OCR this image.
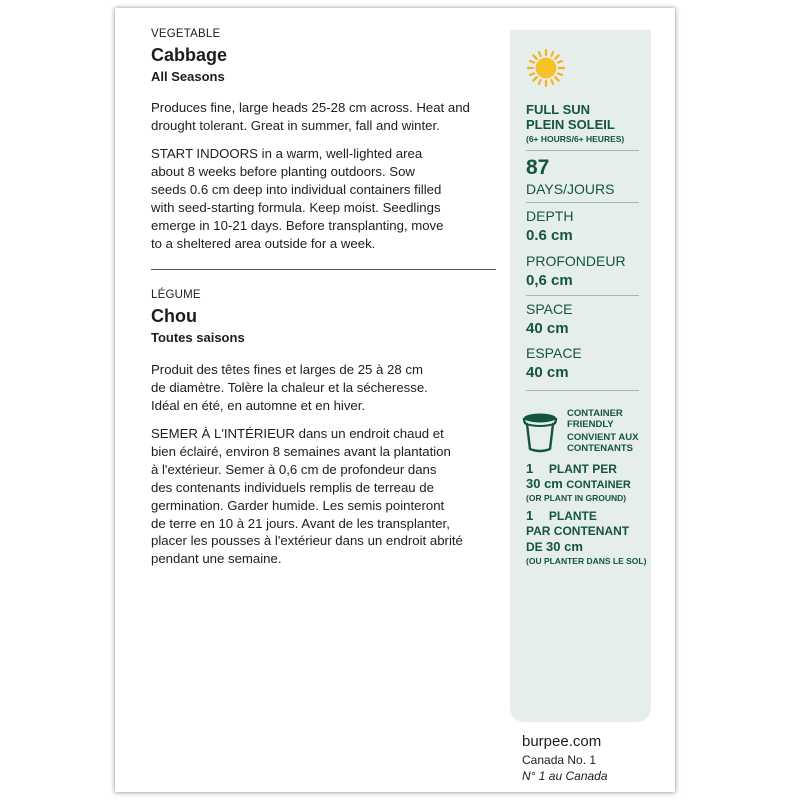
VEGETABLE
Cabbage
All Seasons

Produces fine, large heads 25-28 cm across. Heat and
drought tolerant. Great in summer, fall and winter.

START INDOORS in a warm, well-lighted area
about 8 weeks before planting outdoors. Sow
seeds 0.6 cm deep into individual containers filled
with seed-starting formula. Keep moist. Seedlings
emerge in 10-21 days. Before transplanting, move
to a sheltered area outside for a week.

LÉGUME
Chou
Toutes saisons

Produit des têtes fines et larges de 25 à 28 cm
de diamètre. Tolère la chaleur et la sécheresse.
Idéal en été, en automne et en hiver.

SEMER À L'INTÉRIEUR dans un endroit chaud et
bien éclairé, environ 8 semaines avant la plantation
à l'extérieur. Semer à 0,6 cm de profondeur dans
des contenants individuels remplis de terreau de
germination. Garder humide. Les semis pointeront
de terre en 10 à 21 jours. Avant de les transplanter,
placer les pousses à l'extérieur dans un endroit abrité
pendant une semaine.

FULL SUN
PLEIN SOLEIL
(6+ HOURS/6+ HEURES)
87
DAYS/JOURS
DEPTH
0.6 cm
PROFONDEUR
0,6 cm
SPACE
40 cm
ESPACE
40 cm
CONTAINER
FRIENDLY
CONVIENT AUX
CONTENANTS
1 PLANT PER
30 cm CONTAINER
(OR PLANT IN GROUND)
1 PLANTE
PAR CONTENANT
DE 30 cm
(OU PLANTER DANS LE SOL)
burpee.com
Canada No. 1
N° 1 au Canada
